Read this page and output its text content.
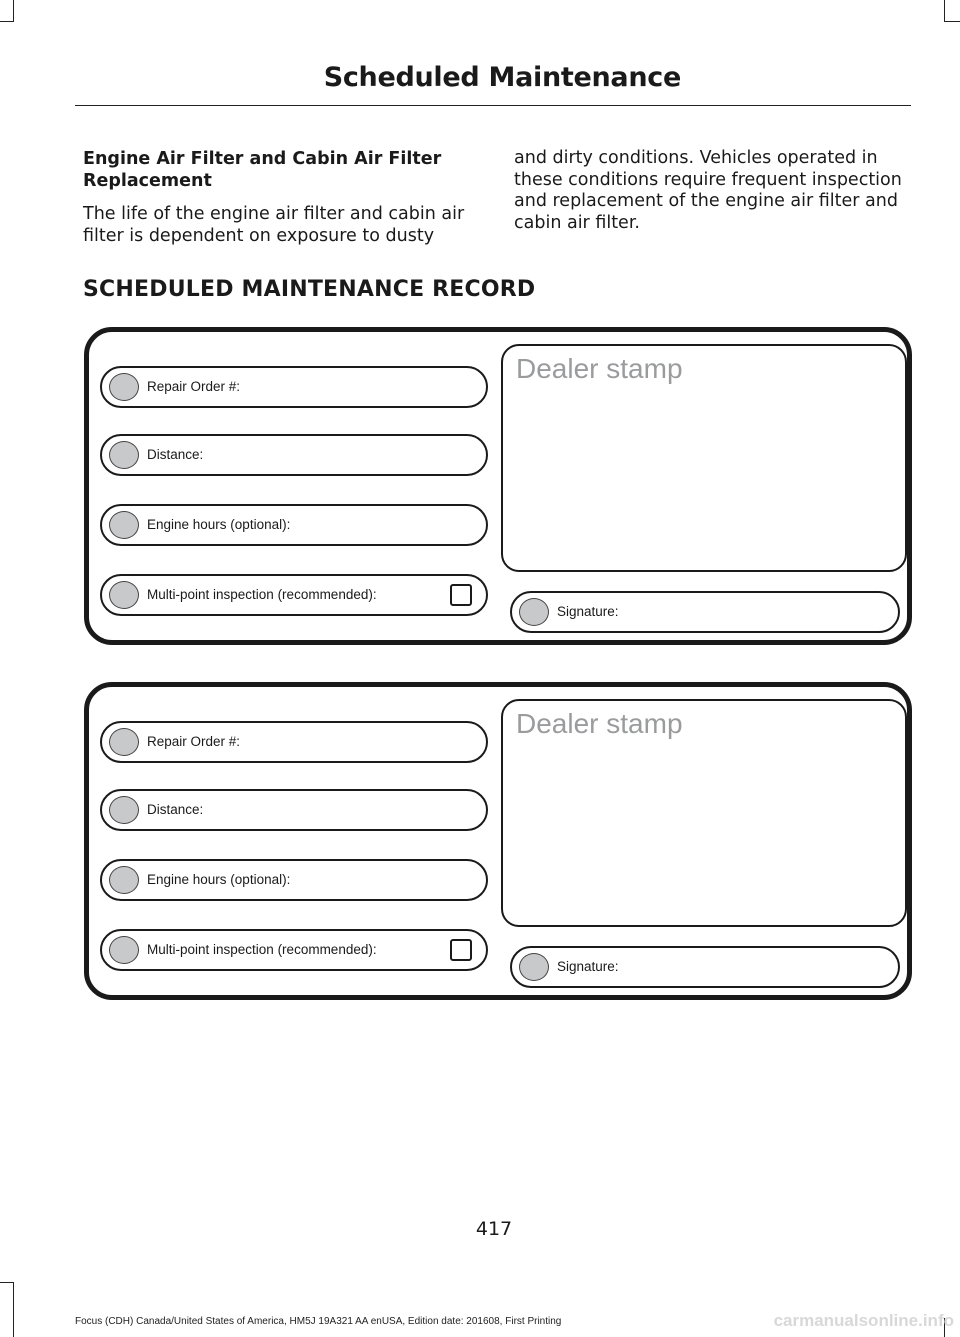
Scheduled Maintenance
Engine Air Filter and Cabin Air Filter Replacement

The life of the engine air filter and cabin air filter is dependent on exposure to dusty

and dirty conditions. Vehicles operated in these conditions require frequent inspection and replacement of the engine air filter and cabin air filter.

SCHEDULED MAINTENANCE RECORD
Repair Order #:
Distance:
Engine hours (optional):
Multi-point inspection (recommended):
Dealer stamp
Signature:
Repair Order #:
Distance:
Engine hours (optional):
Multi-point inspection (recommended):
Dealer stamp
Signature:
417
Focus (CDH) Canada/United States of America, HM5J 19A321 AA enUSA, Edition date: 201608, First Printing	carmanualsonline.info
